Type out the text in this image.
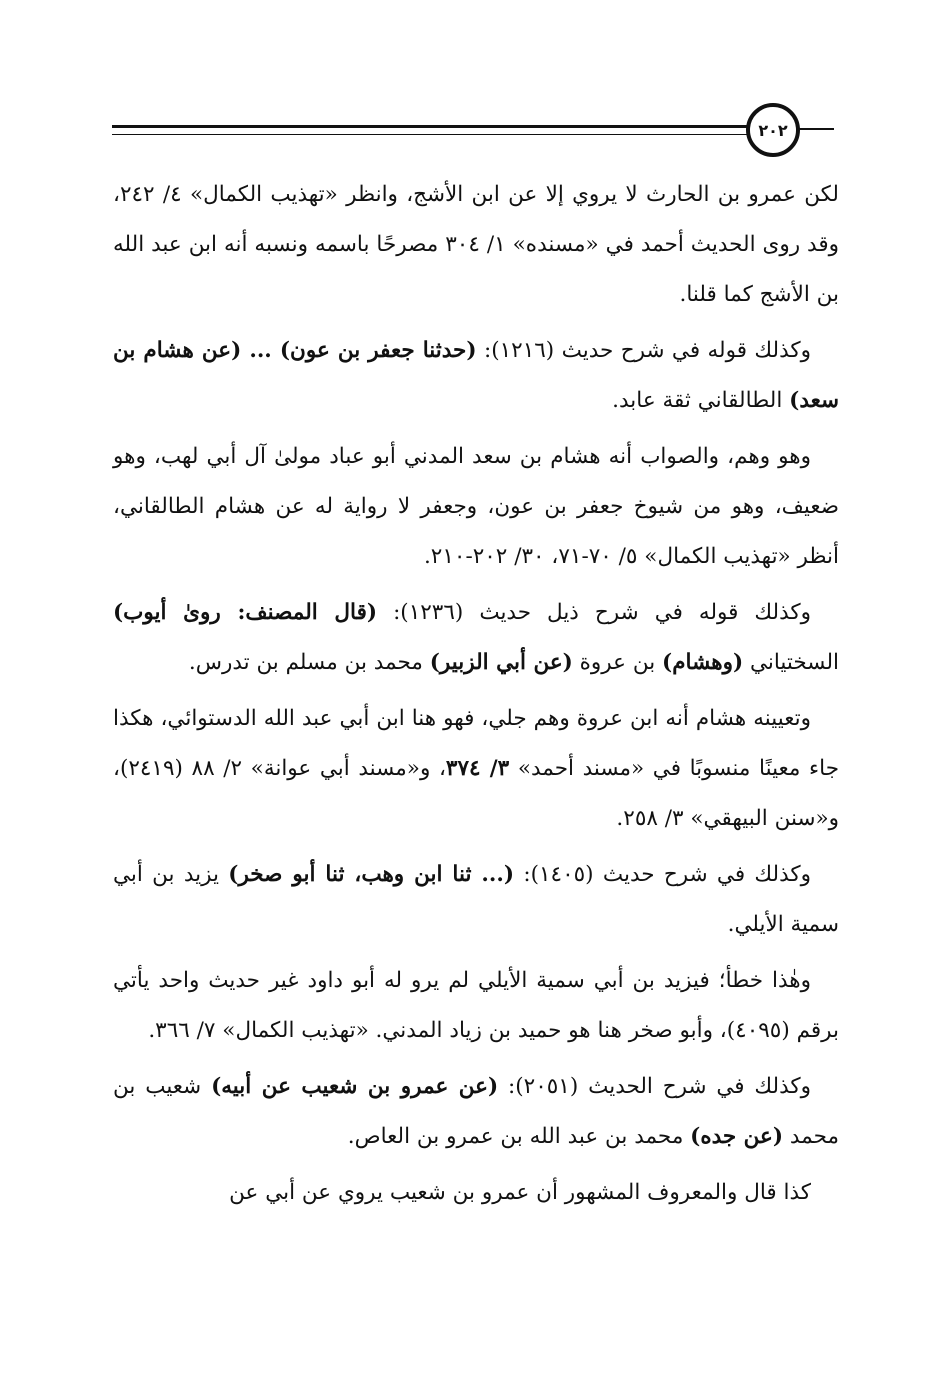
٢٠٢

لكن عمرو بن الحارث لا يروي إلا عن ابن الأشج، وانظر «تهذيب الكمال» ٤/ ٢٤٢، وقد روى الحديث أحمد في «مسنده» ١/ ٣٠٤ مصرحًا باسمه ونسبه أنه ابن عبد الله بن الأشج كما قلنا.

وكذلك قوله في شرح حديث (١٢١٦): (حدثنا جعفر بن عون) ... (عن هشام بن سعد) الطالقاني ثقة عابد.

وهو وهم، والصواب أنه هشام بن سعد المدني أبو عباد مولىٰ آل أبي لهب، وهو ضعيف، وهو من شيوخ جعفر بن عون، وجعفر لا رواية له عن هشام الطالقاني، أنظر «تهذيب الكمال» ٥/ ٧٠-٧١، ٣٠/ ٢٠٢-٢١٠.

وكذلك قوله في شرح ذيل حديث (١٢٣٦): (قال المصنف: روىٰ أيوب) السختياني (وهشام) بن عروة (عن أبي الزبير) محمد بن مسلم بن تدرس.

وتعيينه هشام أنه ابن عروة وهم جلي، فهو هنا ابن أبي عبد الله الدستوائي، هكذا جاء معينًا منسوبًا في «مسند أحمد» ٣/ ٣٧٤، و«مسند أبي عوانة» ٢/ ٨٨ (٢٤١٩)، و«سنن البيهقي» ٣/ ٢٥٨.

وكذلك في شرح حديث (١٤٠٥): (... ثنا ابن وهب، ثنا أبو صخر) يزيد بن أبي سمية الأيلي.

وهٰذا خطأ؛ فيزيد بن أبي سمية الأيلي لم يرو له أبو داود غير حديث واحد يأتي برقم (٤٠٩٥)، وأبو صخر هنا هو حميد بن زياد المدني. «تهذيب الكمال» ٧/ ٣٦٦.

وكذلك في شرح الحديث (٢٠٥١): (عن عمرو بن شعيب عن أبيه) شعيب بن محمد (عن جده) محمد بن عبد الله بن عمرو بن العاص.

كذا قال والمعروف المشهور أن عمرو بن شعيب يروي عن أبي عن
